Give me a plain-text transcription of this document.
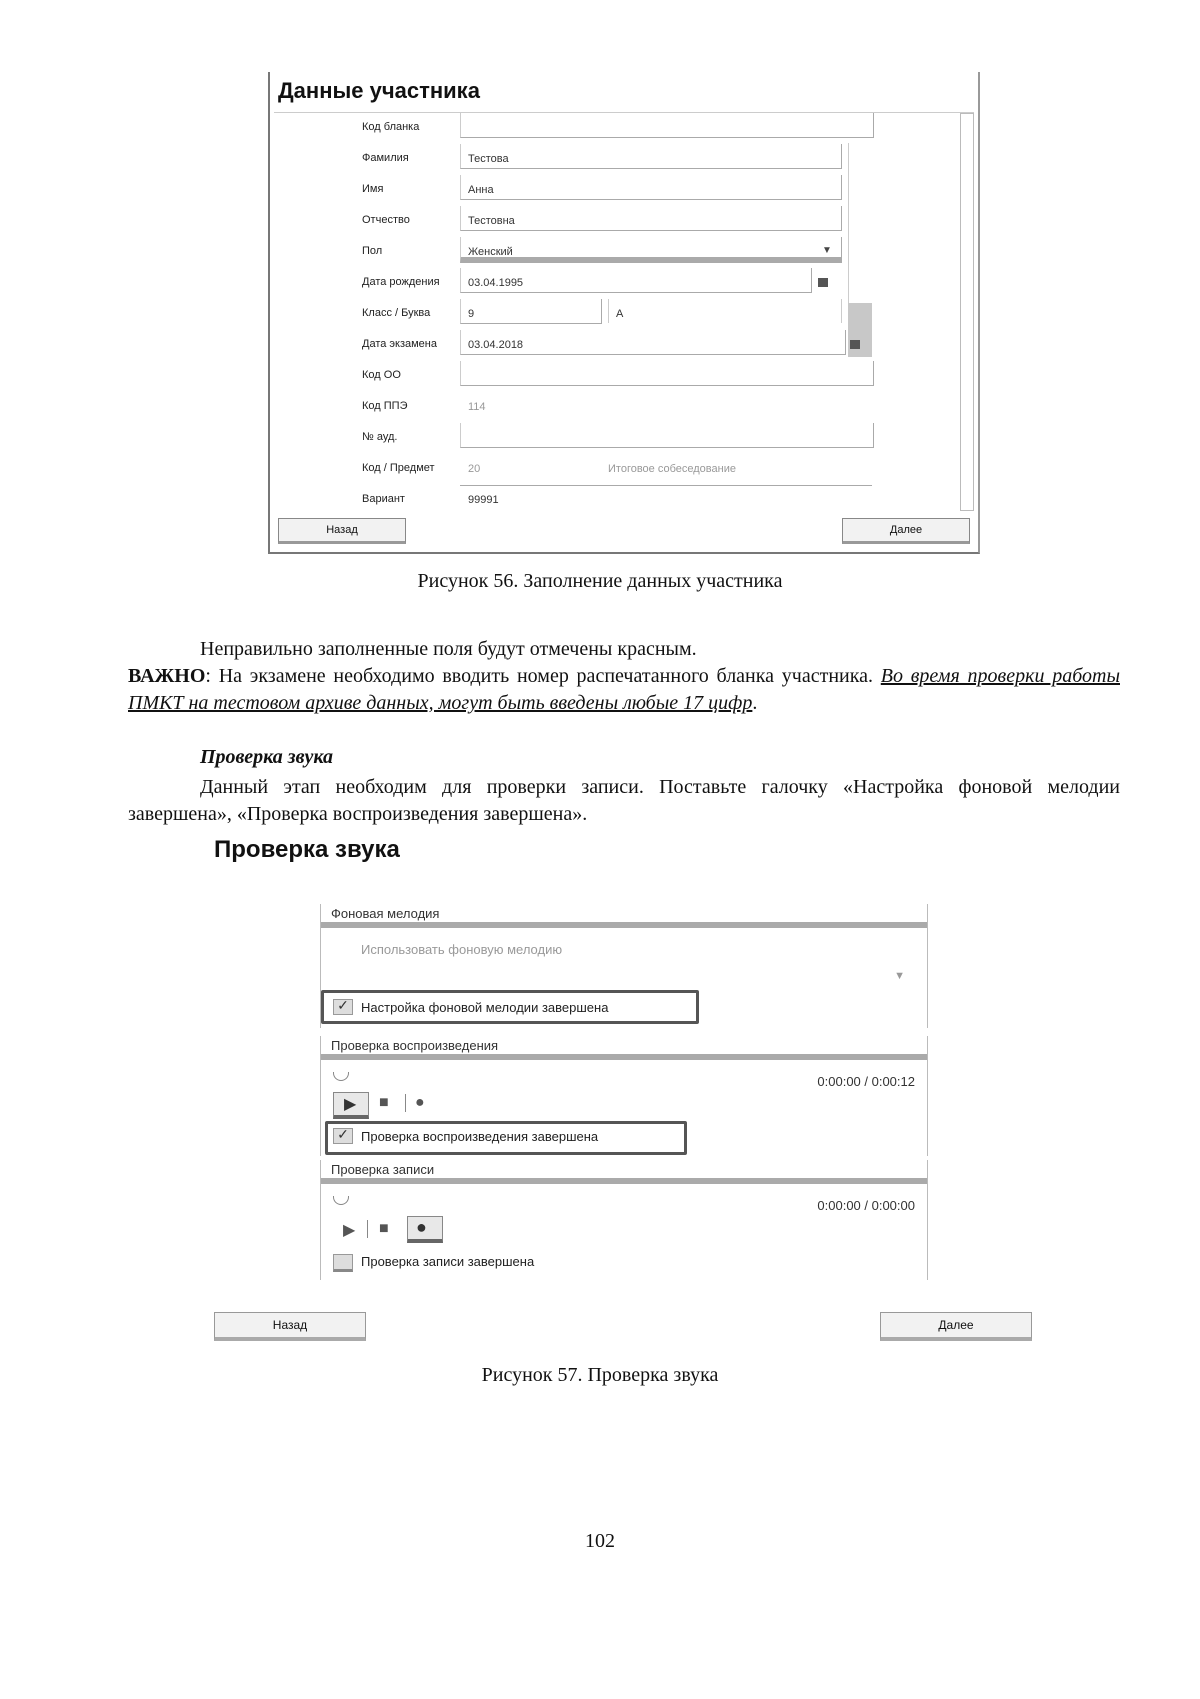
Данные участника
Код бланка
Фамилия	Тестова
Имя	Анна
Отчество	Тестовна
Пол	Женский	▼
Дата рождения	03.04.1995
Класс / Буква	9	А
Дата экзамена	03.04.2018
Код ОО
Код ППЭ	114
№ ауд.
Код / Предмет	20	Итоговое собеседование
Вариант	99991
Назад	Далее
Рисунок 56. Заполнение данных участника
Неправильно заполненные поля будут отмечены красным.
ВАЖНО: На экзамене необходимо вводить номер распечатанного бланка участника. Во время проверки работы ПМКТ на тестовом архиве данных, могут быть введены любые 17 цифр.
Проверка звука
Данный этап необходим для проверки записи. Поставьте галочку «Настройка фоновой мелодии завершена», «Проверка воспроизведения завершена».
Проверка звука
Фоновая мелодия
Использовать фоновую мелодию
▼
✓ Настройка фоновой мелодии завершена
Проверка воспроизведения
0:00:00 / 0:00:12
▶ ■ ●
✓ Проверка воспроизведения завершена
Проверка записи
0:00:00 / 0:00:00
▶ ■ ●
Проверка записи завершена
Назад	Далее
Рисунок 57. Проверка звука
102
